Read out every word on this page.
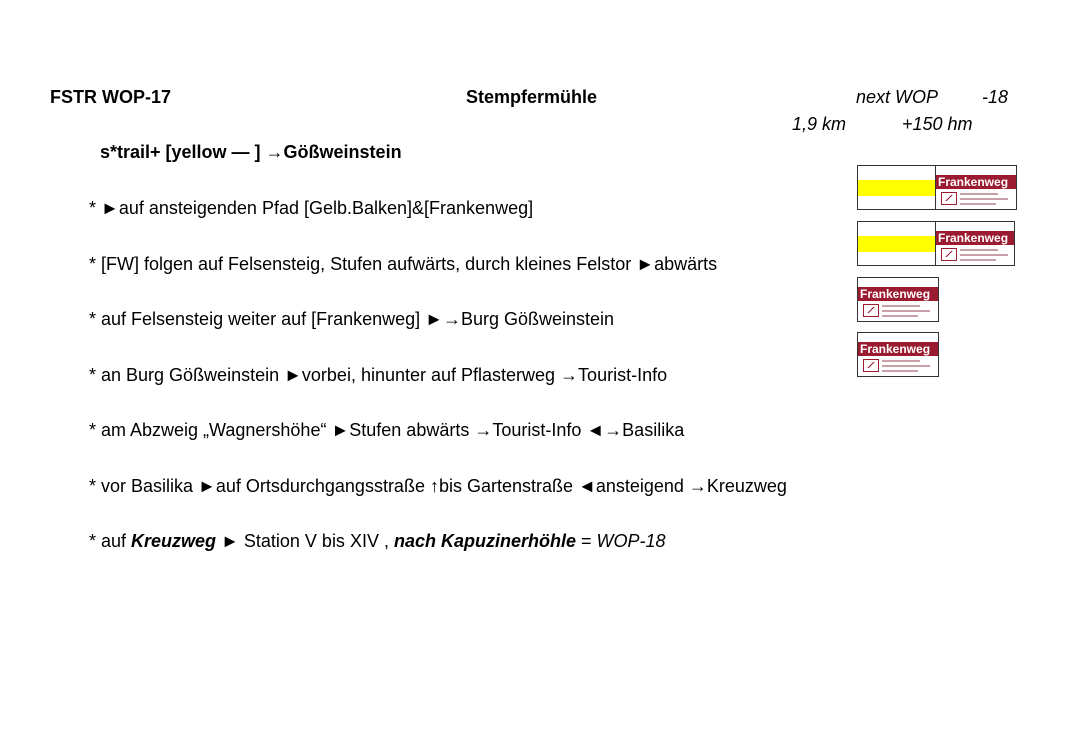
FSTR WOP-17	Stempfermühle	next WOP -18
1,9 km	+150 hm
s*trail+ [yellow — ] →Gößweinstein
* ►auf ansteigenden Pfad [Gelb.Balken]&[Frankenweg]
* [FW] folgen auf Felsensteig, Stufen aufwärts, durch kleines Felstor ►abwärts
* auf Felsensteig weiter auf [Frankenweg] ►→Burg Gößweinstein
* an Burg Gößweinstein ►vorbei, hinunter auf Pflasterweg →Tourist-Info
* am Abzweig „Wagnershöhe“ ►Stufen abwärts →Tourist-Info ◄→Basilika
* vor Basilika ►auf Ortsdurchgangsstraße ↑bis Gartenstraße ◄ansteigend →Kreuzweg
* auf Kreuzweg ► Station V bis XIV , nach Kapuzinerhöhle = WOP-18
Frankenweg
Frankenweg
Frankenweg
Frankenweg
